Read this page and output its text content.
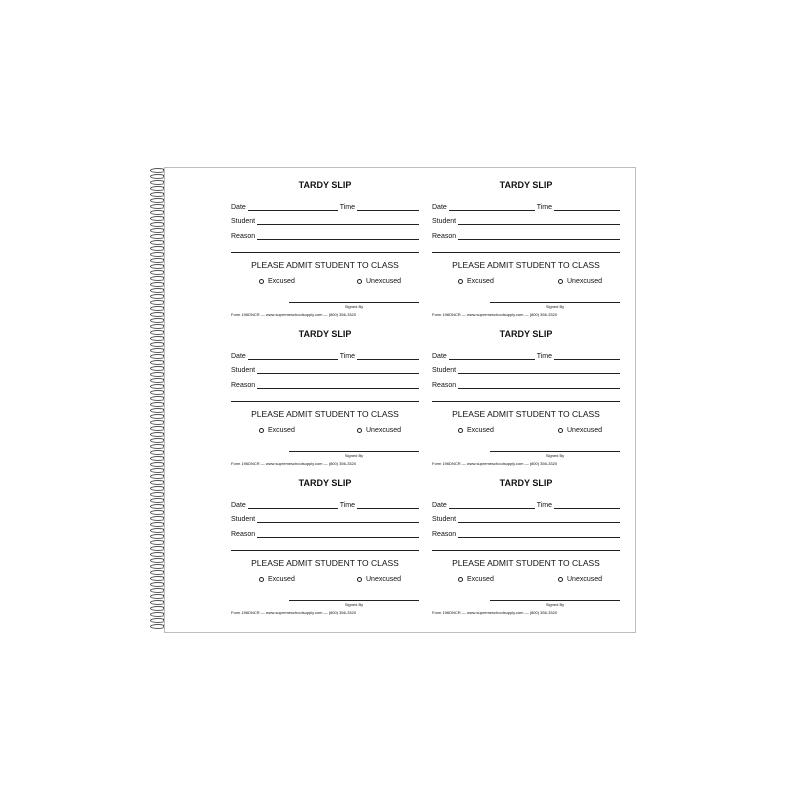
TARDY SLIP
Date	Time
Student
Reason
PLEASE ADMIT STUDENT TO CLASS
Excused	Unexcused
Signed By
Form 196DNCR — www.supremeschoolsupply.com — (800) 356-3320
TARDY SLIP
Date	Time
Student
Reason
PLEASE ADMIT STUDENT TO CLASS
Excused	Unexcused
Signed By
Form 196DNCR — www.supremeschoolsupply.com — (800) 356-3320
TARDY SLIP
Date	Time
Student
Reason
PLEASE ADMIT STUDENT TO CLASS
Excused	Unexcused
Signed By
Form 196DNCR — www.supremeschoolsupply.com — (800) 356-3320
TARDY SLIP
Date	Time
Student
Reason
PLEASE ADMIT STUDENT TO CLASS
Excused	Unexcused
Signed By
Form 196DNCR — www.supremeschoolsupply.com — (800) 356-3320
TARDY SLIP
Date	Time
Student
Reason
PLEASE ADMIT STUDENT TO CLASS
Excused	Unexcused
Signed By
Form 196DNCR — www.supremeschoolsupply.com — (800) 356-3320
TARDY SLIP
Date	Time
Student
Reason
PLEASE ADMIT STUDENT TO CLASS
Excused	Unexcused
Signed By
Form 196DNCR — www.supremeschoolsupply.com — (800) 356-3320
